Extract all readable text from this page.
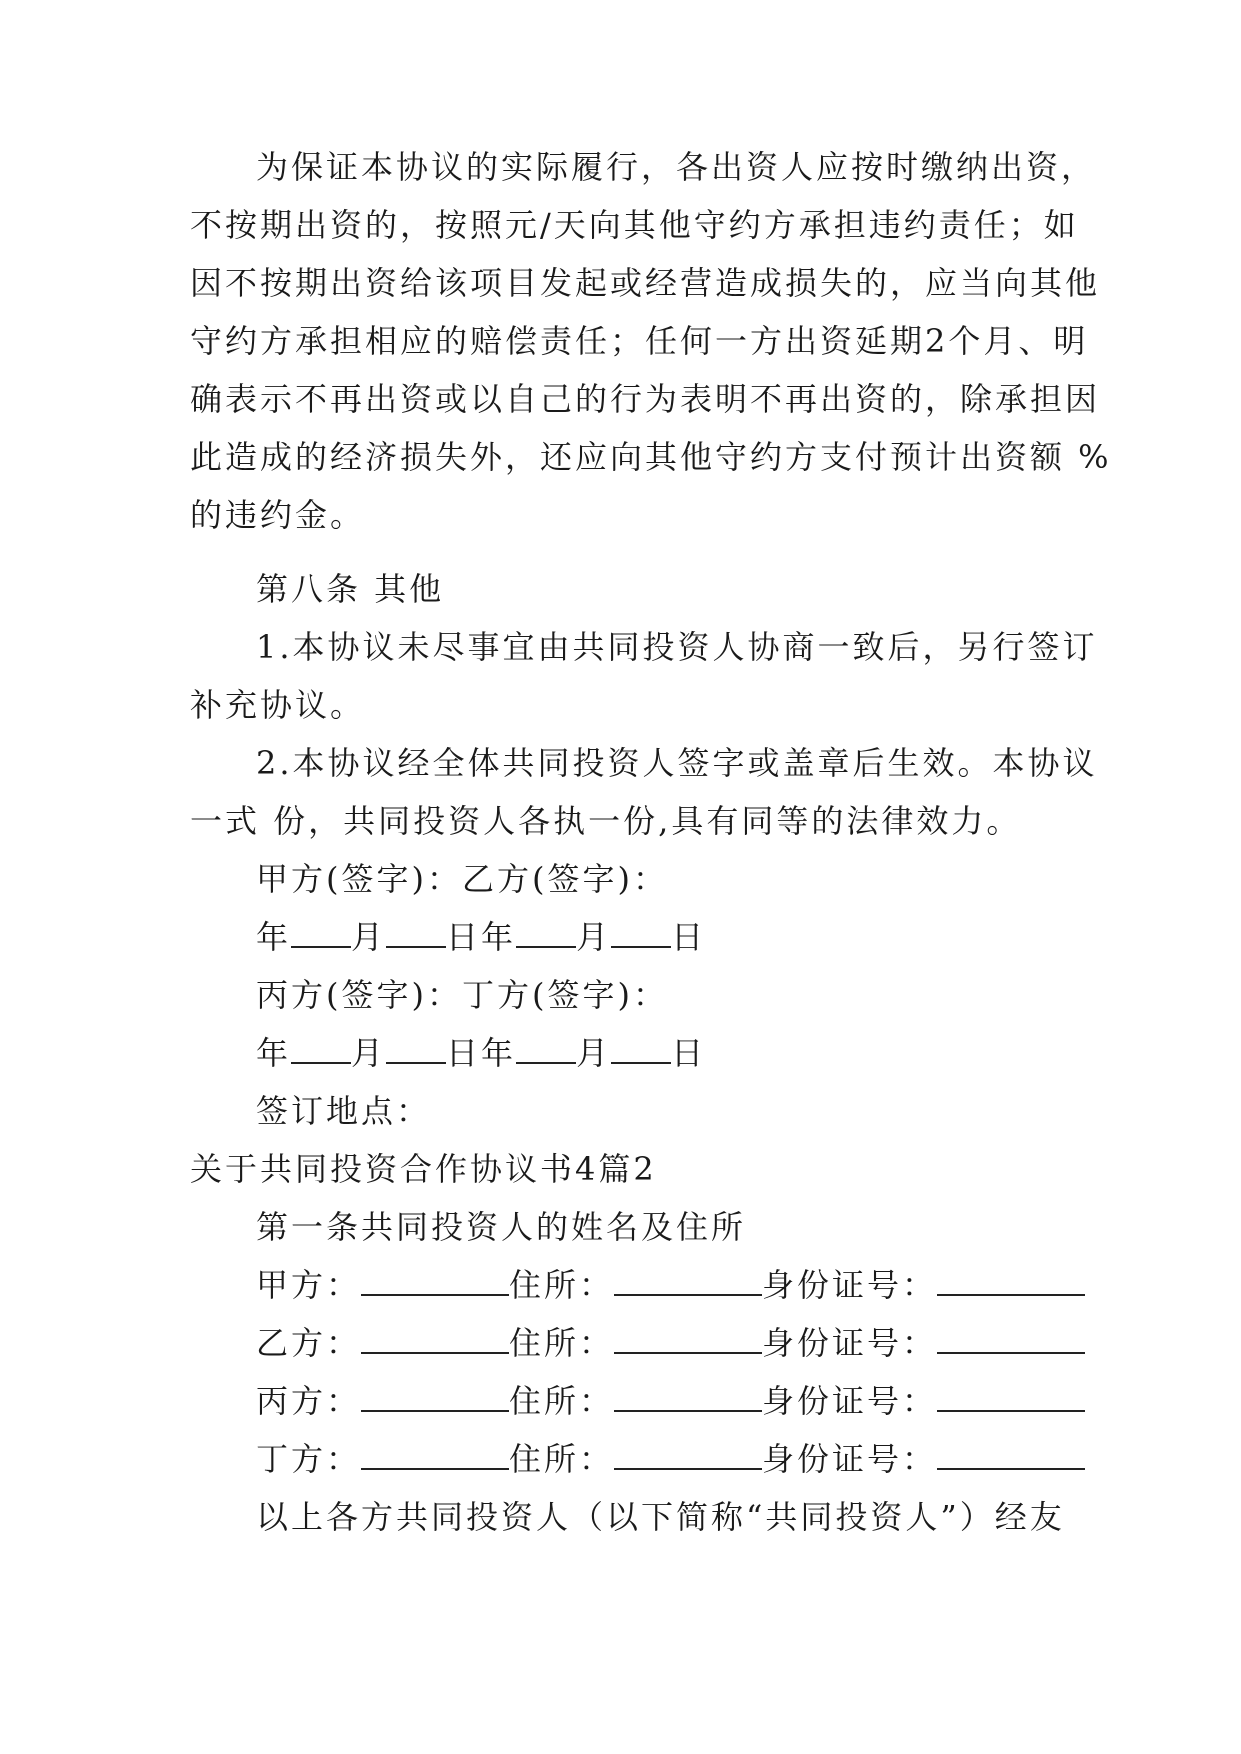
为保证本协议的实际履行，各出资人应按时缴纳出资，
不按期出资的，按照元/天向其他守约方承担违约责任；如
因不按期出资给该项目发起或经营造成损失的，应当向其他
守约方承担相应的赔偿责任；任何一方出资延期2个月、明
确表示不再出资或以自己的行为表明不再出资的，除承担因
此造成的经济损失外，还应向其他守约方支付预计出资额 %
的违约金。
第八条 其他
1.本协议未尽事宜由共同投资人协商一致后，另行签订
补充协议。
2.本协议经全体共同投资人签字或盖章后生效。本协议
一式 份，共同投资人各执一份,具有同等的法律效力。
甲方(签字)：乙方(签字)：
年 月 日年 月 日
丙方(签字)：丁方(签字)：
年 月 日年 月 日
签订地点：
关于共同投资合作协议书4篇2
第一条共同投资人的姓名及住所
甲方：	住所：	身份证号：
乙方：	住所：	身份证号：
丙方：	住所：	身份证号：
丁方：	住所：	身份证号：
以上各方共同投资人（以下简称“共同投资人”）经友
